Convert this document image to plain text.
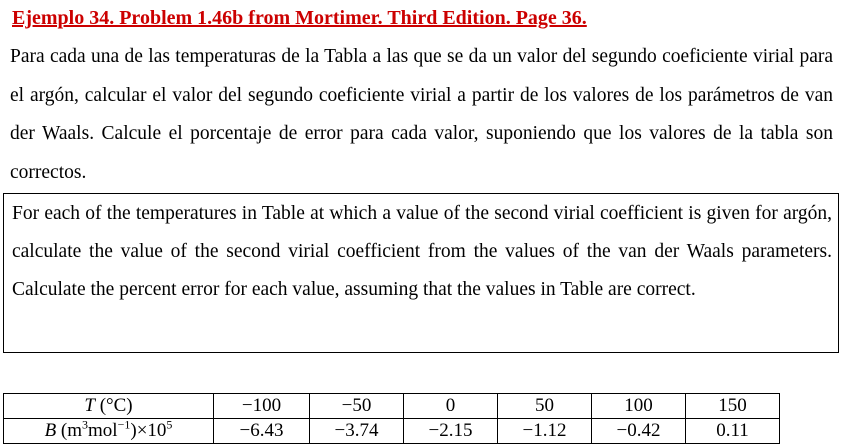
Ejemplo 34. Problem 1.46b from Mortimer. Third Edition. Page 36.
Para cada una de las temperaturas de la Tabla a las que se da un valor del segundo coeficiente virial para el argón, calcular el valor del segundo coeficiente virial a partir de los valores de los parámetros de van der Waals. Calcule el porcentaje de error para cada valor, suponiendo que los valores de la tabla son correctos.
For each of the temperatures in Table at which a value of the second virial coefficient is given for argón, calculate the value of the second virial coefficient from the values of the van der Waals parameters. Calculate the percent error for each value, assuming that the values in Table are correct.
T (°C)	−100	−50	0	50	100	150
B $(m^3mol^{-1})\times 10^5$	−6.43	−3.74	−2.15	−1.12	−0.42	0.11
